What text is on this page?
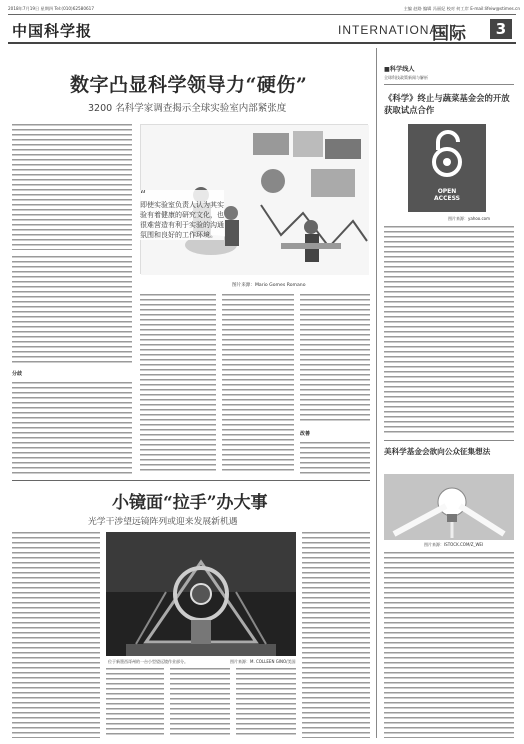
2018年7月19日 星期四 Tel:(010)62580617	主编 赵路 编辑 冯丽妃 校对 何工岸 E-mail:lifeiw@stimes.cn
中国科学报	INTERNATIONAL
国际	3
数字凸显科学领导力“硬伤”
3200 名科学家调查揭示全球实验室内部紧张度
分歧
“
即使实验室负责人认为其实验有着健康的研究文化，也很难营造有利于实验的沟通氛围和良好的工作环境。
图片来源：Mario Gomes Romano
改善
■科学线人
全球科技政策新闻与解析
《科学》终止与蔬菜基金会的开放获取试点合作
OPEN ACCESS
图片来源：yahoo.com
美科学基金会欲向公众征集想法
图片来源：ISTOCK.COM/Z_WEI
小镜面“拉手”办大事
光学干涉望远镜阵列或迎来发展新机遇
位于新墨西哥州的一台小型望远镜作业部分。	图片来源：M. COLLEEN GINO/美国
